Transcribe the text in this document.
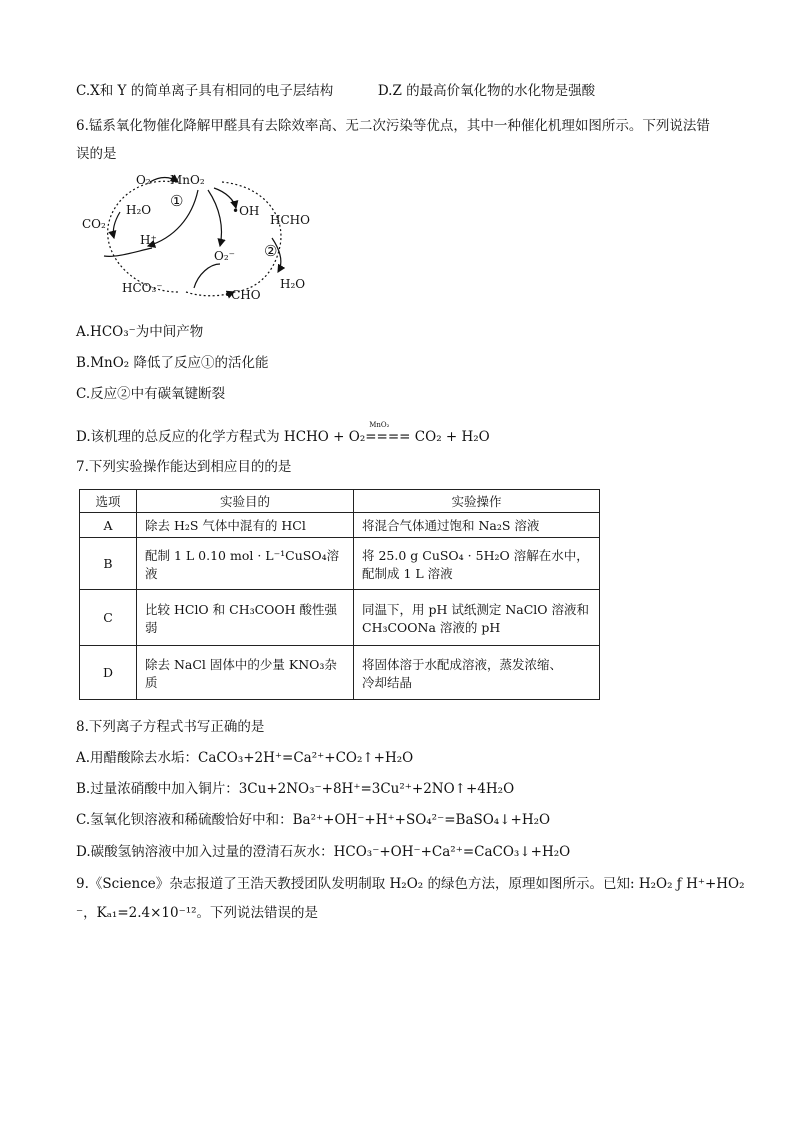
C.X和 Y 的简单离子具有相同的电子层结构	D.Z 的最高价氧化物的水化物是强酸
6.锰系氧化物催化降解甲醛具有去除效率高、无二次污染等优点，其中一种催化机理如图所示。下列说法错
误的是
O₂ MnO₂
H₂O ①
•OH
HCHO
CO₂
H⁺
O₂⁻ ②
H₂O
HCO₃⁻	•CHO
A.HCO₃⁻为中间产物
B.MnO₂ 降低了反应①的活化能
C.反应②中有碳氧键断裂
D.该机理的总反应的化学方程式为 HCHO + O₂
MnO₂
==== CO₂ + H₂O
7.下列实验操作能达到相应目的的是
选项	实验目的	实验操作
A	除去 H₂S 气体中混有的 HCl	将混合气体通过饱和 Na₂S 溶液
B	配制 1 L 0.10 mol · L⁻¹CuSO₄溶液	将 25.0 g CuSO₄ · 5H₂O 溶解在水中，
配制成 1 L 溶液

C	比较 HClO 和 CH₃COOH 酸性强弱	同温下，用 pH 试纸测定 NaClO 溶液和
CH₃COONa 溶液的 pH

D	除去 NaCl 固体中的少量 KNO₃杂质	将固体溶于水配成溶液，蒸发浓缩、
冷却结晶
8.下列离子方程式书写正确的是
A.用醋酸除去水垢：CaCO₃+2H⁺=Ca²⁺+CO₂↑+H₂O
B.过量浓硝酸中加入铜片：3Cu+2NO₃⁻+8H⁺=3Cu²⁺+2NO↑+4H₂O
C.氢氧化钡溶液和稀硫酸恰好中和：Ba²⁺+OH⁻+H⁺+SO₄²⁻=BaSO₄↓+H₂O
D.碳酸氢钠溶液中加入过量的澄清石灰水：HCO₃⁻+OH⁻+Ca²⁺=CaCO₃↓+H₂O
9.《Science》杂志报道了王浩天教授团队发明制取 H₂O₂ 的绿色方法，原理如图所示。已知: H₂O₂ ƒ H⁺+HO₂
⁻，Kₐ₁=2.4×10⁻¹²。下列说法错误的是
